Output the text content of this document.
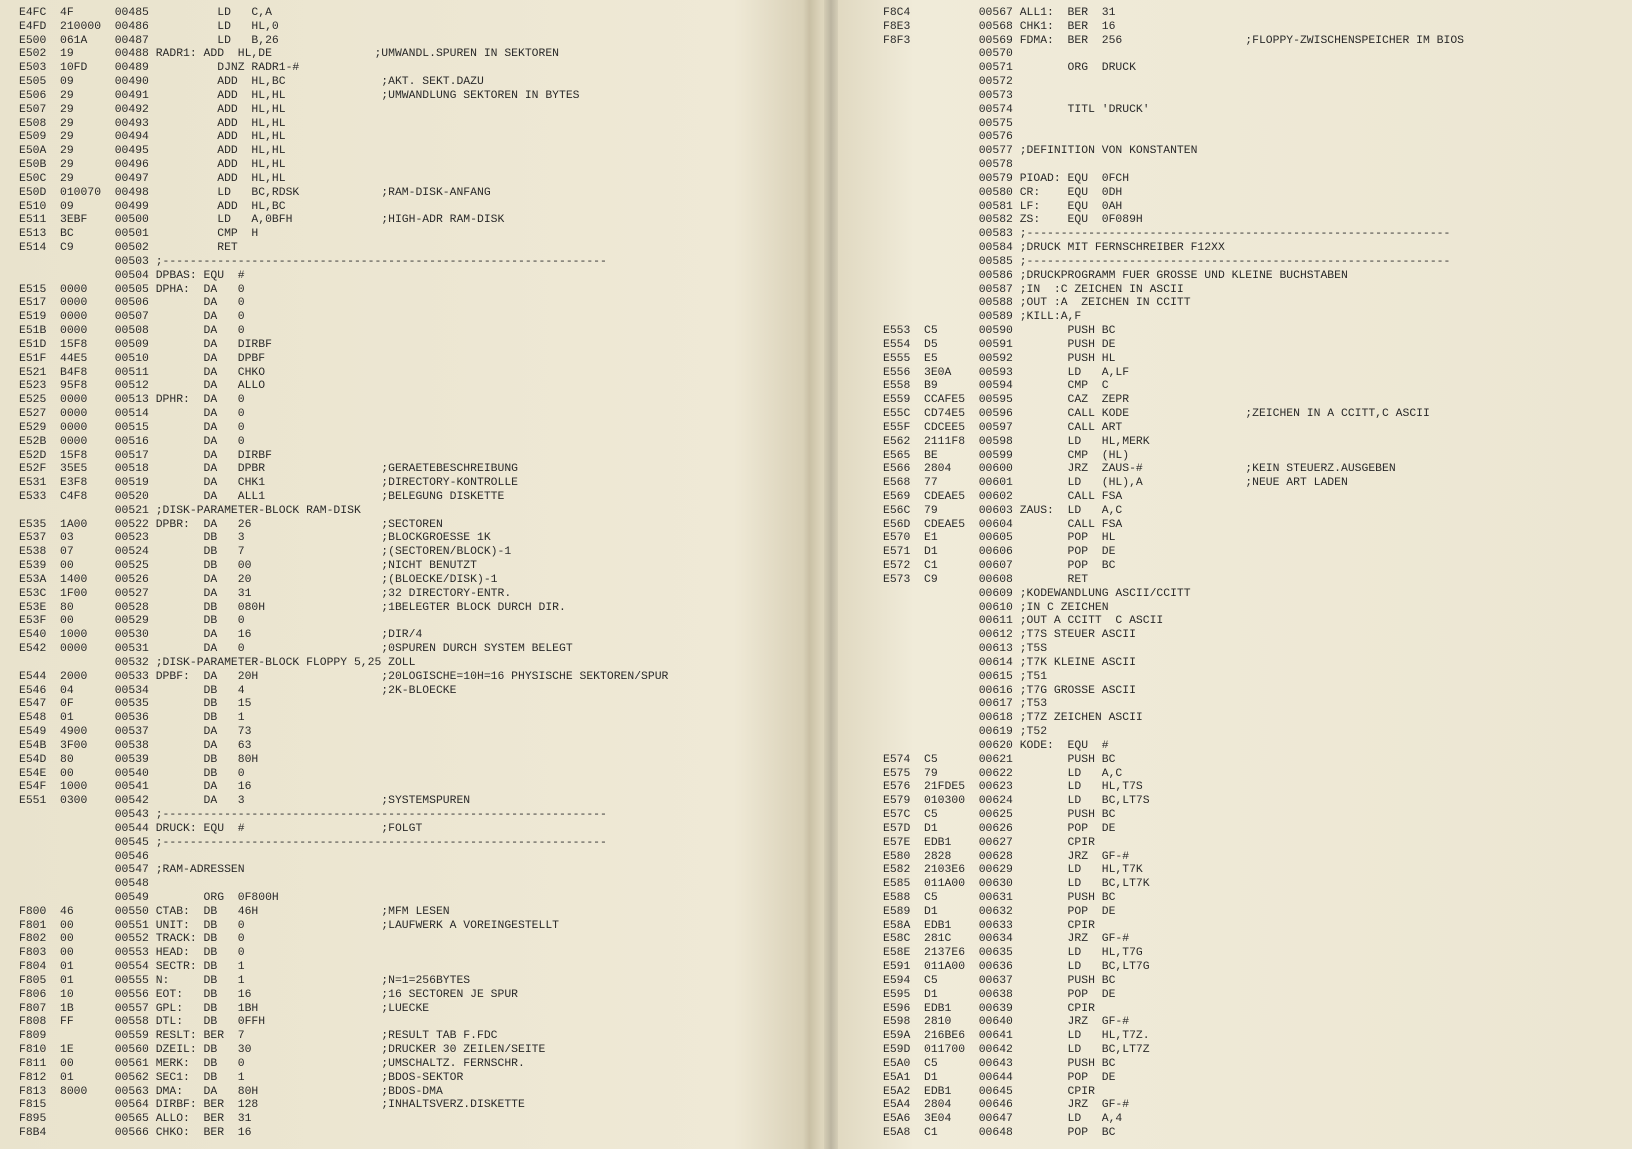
E4FC  4F      00485          LD   C,A
E4FD  210000  00486          LD   HL,0
E500  061A    00487          LD   B,26
E502  19      00488 RADR1: ADD  HL,DE               ;UMWANDL.SPUREN IN SEKTOREN
E503  10FD    00489          DJNZ RADR1-#
E505  09      00490          ADD  HL,BC              ;AKT. SEKT.DAZU
E506  29      00491          ADD  HL,HL              ;UMWANDLUNG SEKTOREN IN BYTES
E507  29      00492          ADD  HL,HL
E508  29      00493          ADD  HL,HL
E509  29      00494          ADD  HL,HL
E50A  29      00495          ADD  HL,HL
E50B  29      00496          ADD  HL,HL
E50C  29      00497          ADD  HL,HL
E50D  010070  00498          LD   BC,RDSK            ;RAM-DISK-ANFANG
E510  09      00499          ADD  HL,BC
E511  3EBF    00500          LD   A,0BFH             ;HIGH-ADR RAM-DISK
E513  BC      00501          CMP  H
E514  C9      00502          RET
00503 ;-----------------------------------------------------------------
00504 DPBAS: EQU  #
E515  0000    00505 DPHA:  DA   0
E517  0000    00506        DA   0
E519  0000    00507        DA   0
E51B  0000    00508        DA   0
E51D  15F8    00509        DA   DIRBF
E51F  44E5    00510        DA   DPBF
E521  B4F8    00511        DA   CHKO
E523  95F8    00512        DA   ALLO
E525  0000    00513 DPHR:  DA   0
E527  0000    00514        DA   0
E529  0000    00515        DA   0
E52B  0000    00516        DA   0
E52D  15F8    00517        DA   DIRBF
E52F  35E5    00518        DA   DPBR                 ;GERAETEBESCHREIBUNG
E531  E3F8    00519        DA   CHK1                 ;DIRECTORY-KONTROLLE
E533  C4F8    00520        DA   ALL1                 ;BELEGUNG DISKETTE
00521 ;DISK-PARAMETER-BLOCK RAM-DISK
E535  1A00    00522 DPBR:  DA   26                   ;SECTOREN
E537  03      00523        DB   3                    ;BLOCKGROESSE 1K
E538  07      00524        DB   7                    ;(SECTOREN/BLOCK)-1
E539  00      00525        DB   00                   ;NICHT BENUTZT
E53A  1400    00526        DA   20                   ;(BLOECKE/DISK)-1
E53C  1F00    00527        DA   31                   ;32 DIRECTORY-ENTR.
E53E  80      00528        DB   080H                 ;1BELEGTER BLOCK DURCH DIR.
E53F  00      00529        DB   0
E540  1000    00530        DA   16                   ;DIR/4
E542  0000    00531        DA   0                    ;0SPUREN DURCH SYSTEM BELEGT
00532 ;DISK-PARAMETER-BLOCK FLOPPY 5,25 ZOLL
E544  2000    00533 DPBF:  DA   20H                  ;20LOGISCHE=10H=16 PHYSISCHE SEKTOREN/SPUR
E546  04      00534        DB   4                    ;2K-BLOECKE
E547  0F      00535        DB   15
E548  01      00536        DB   1
E549  4900    00537        DA   73
E54B  3F00    00538        DA   63
E54D  80      00539        DB   80H
E54E  00      00540        DB   0
E54F  1000    00541        DA   16
E551  0300    00542        DA   3                    ;SYSTEMSPUREN
00543 ;-----------------------------------------------------------------
00544 DRUCK: EQU  #                    ;FOLGT
00545 ;-----------------------------------------------------------------
00546
00547 ;RAM-ADRESSEN
00548
00549        ORG  0F800H
F800  46      00550 CTAB:  DB   46H                  ;MFM LESEN
F801  00      00551 UNIT:  DB   0                    ;LAUFWERK A VOREINGESTELLT
F802  00      00552 TRACK: DB   0
F803  00      00553 HEAD:  DB   0
F804  01      00554 SECTR: DB   1
F805  01      00555 N:     DB   1                    ;N=1=256BYTES
F806  10      00556 EOT:   DB   16                   ;16 SECTOREN JE SPUR
F807  1B      00557 GPL:   DB   1BH                  ;LUECKE
F808  FF      00558 DTL:   DB   0FFH
F809          00559 RESLT: BER  7                    ;RESULT TAB F.FDC
F810  1E      00560 DZEIL: DB   30                   ;DRUCKER 30 ZEILEN/SEITE
F811  00      00561 MERK:  DB   0                    ;UMSCHALTZ. FERNSCHR.
F812  01      00562 SEC1:  DB   1                    ;BDOS-SEKTOR
F813  8000    00563 DMA:   DA   80H                  ;BDOS-DMA
F815          00564 DIRBF: BER  128                  ;INHALTSVERZ.DISKETTE
F895          00565 ALLO:  BER  31
F8B4          00566 CHKO:  BER  16
F8C4          00567 ALL1:  BER  31
F8E3          00568 CHK1:  BER  16
F8F3          00569 FDMA:  BER  256                  ;FLOPPY-ZWISCHENSPEICHER IM BIOS
00570
00571        ORG  DRUCK
00572
00573
00574        TITL 'DRUCK'
00575
00576
00577 ;DEFINITION VON KONSTANTEN
00578
00579 PIOAD: EQU  0FCH
00580 CR:    EQU  0DH
00581 LF:    EQU  0AH
00582 ZS:    EQU  0F089H
00583 ;--------------------------------------------------------------
00584 ;DRUCK MIT FERNSCHREIBER F12XX
00585 ;--------------------------------------------------------------
00586 ;DRUCKPROGRAMM FUER GROSSE UND KLEINE BUCHSTABEN
00587 ;IN  :C ZEICHEN IN ASCII
00588 ;OUT :A  ZEICHEN IN CCITT
00589 ;KILL:A,F
E553  C5      00590        PUSH BC
E554  D5      00591        PUSH DE
E555  E5      00592        PUSH HL
E556  3E0A    00593        LD   A,LF
E558  B9      00594        CMP  C
E559  CCAFE5  00595        CAZ  ZEPR
E55C  CD74E5  00596        CALL KODE                 ;ZEICHEN IN A CCITT,C ASCII
E55F  CDCEE5  00597        CALL ART
E562  2111F8  00598        LD   HL,MERK
E565  BE      00599        CMP  (HL)
E566  2804    00600        JRZ  ZAUS-#               ;KEIN STEUERZ.AUSGEBEN
E568  77      00601        LD   (HL),A               ;NEUE ART LADEN
E569  CDEAE5  00602        CALL FSA
E56C  79      00603 ZAUS:  LD   A,C
E56D  CDEAE5  00604        CALL FSA
E570  E1      00605        POP  HL
E571  D1      00606        POP  DE
E572  C1      00607        POP  BC
E573  C9      00608        RET
00609 ;KODEWANDLUNG ASCII/CCITT
00610 ;IN C ZEICHEN
00611 ;OUT A CCITT  C ASCII
00612 ;T7S STEUER ASCII
00613 ;T5S
00614 ;T7K KLEINE ASCII
00615 ;T51
00616 ;T7G GROSSE ASCII
00617 ;T53
00618 ;T7Z ZEICHEN ASCII
00619 ;T52
00620 KODE:  EQU  #
E574  C5      00621        PUSH BC
E575  79      00622        LD   A,C
E576  21FDE5  00623        LD   HL,T7S
E579  010300  00624        LD   BC,LT7S
E57C  C5      00625        PUSH BC
E57D  D1      00626        POP  DE
E57E  EDB1    00627        CPIR
E580  2828    00628        JRZ  GF-#
E582  2103E6  00629        LD   HL,T7K
E585  011A00  00630        LD   BC,LT7K
E588  C5      00631        PUSH BC
E589  D1      00632        POP  DE
E58A  EDB1    00633        CPIR
E58C  281C    00634        JRZ  GF-#
E58E  2137E6  00635        LD   HL,T7G
E591  011A00  00636        LD   BC,LT7G
E594  C5      00637        PUSH BC
E595  D1      00638        POP  DE
E596  EDB1    00639        CPIR
E598  2810    00640        JRZ  GF-#
E59A  216BE6  00641        LD   HL,T7Z.
E59D  011700  00642        LD   BC,LT7Z
E5A0  C5      00643        PUSH BC
E5A1  D1      00644        POP  DE
E5A2  EDB1    00645        CPIR
E5A4  2804    00646        JRZ  GF-#
E5A6  3E04    00647        LD   A,4
E5A8  C1      00648        POP  BC
